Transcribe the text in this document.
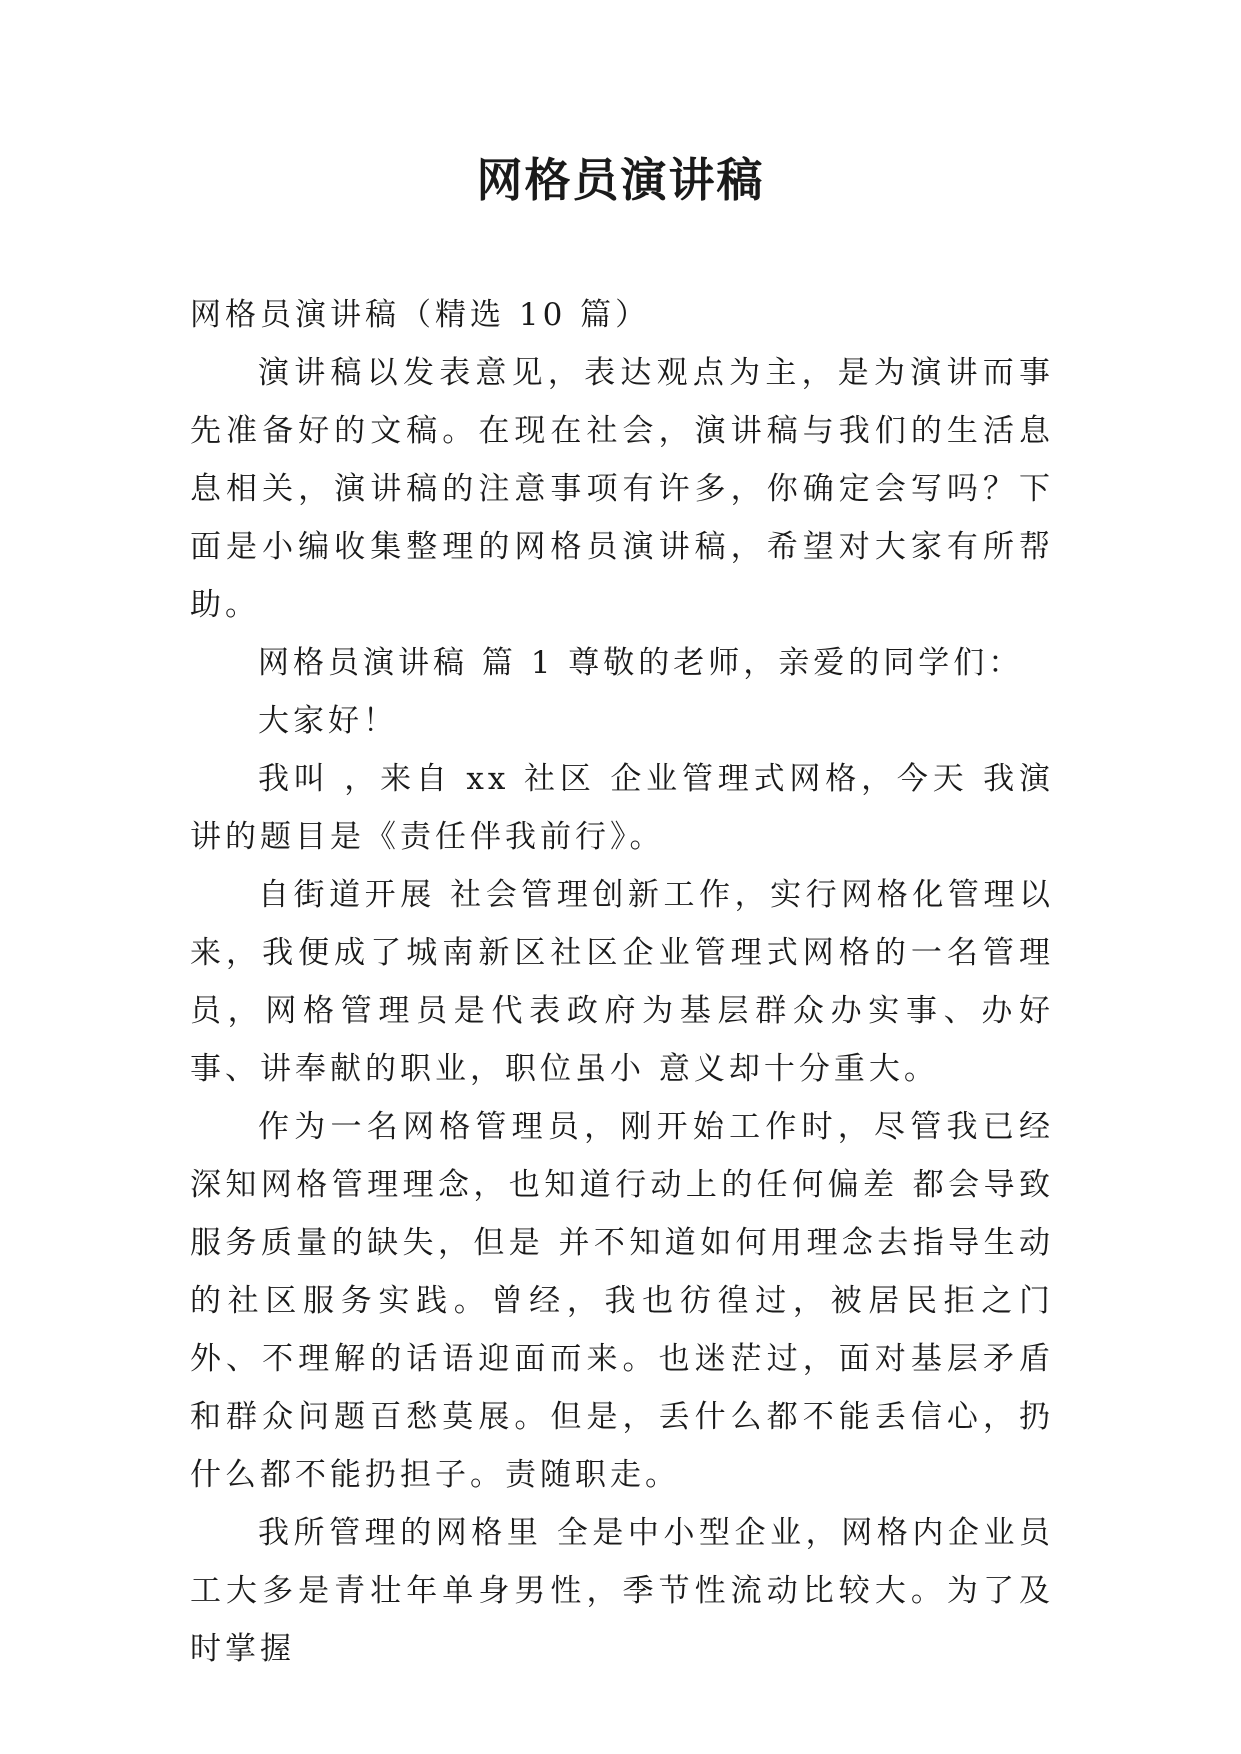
网格员演讲稿

网格员演讲稿（精选 10 篇）

演讲稿以发表意见，表达观点为主，是为演讲而事先准备好的文稿。在现在社会，演讲稿与我们的生活息息相关，演讲稿的注意事项有许多，你确定会写吗？下面是小编收集整理的网格员演讲稿，希望对大家有所帮助。

网格员演讲稿 篇 1 尊敬的老师，亲爱的同学们：

大家好！

我叫 ，来自 xx 社区 企业管理式网格，今天 我演讲的题目是《责任伴我前行》。

自街道开展 社会管理创新工作，实行网格化管理以来，我便成了城南新区社区企业管理式网格的一名管理员，网格管理员是代表政府为基层群众办实事、办好事、讲奉献的职业，职位虽小 意义却十分重大。

作为一名网格管理员，刚开始工作时，尽管我已经深知网格管理理念，也知道行动上的任何偏差 都会导致服务质量的缺失，但是 并不知道如何用理念去指导生动的社区服务实践。曾经，我也彷徨过，被居民拒之门外、不理解的话语迎面而来。也迷茫过，面对基层矛盾和群众问题百愁莫展。但是，丢什么都不能丢信心，扔什么都不能扔担子。责随职走。

我所管理的网格里 全是中小型企业，网格内企业员工大多是青壮年单身男性，季节性流动比较大。为了及时掌握
